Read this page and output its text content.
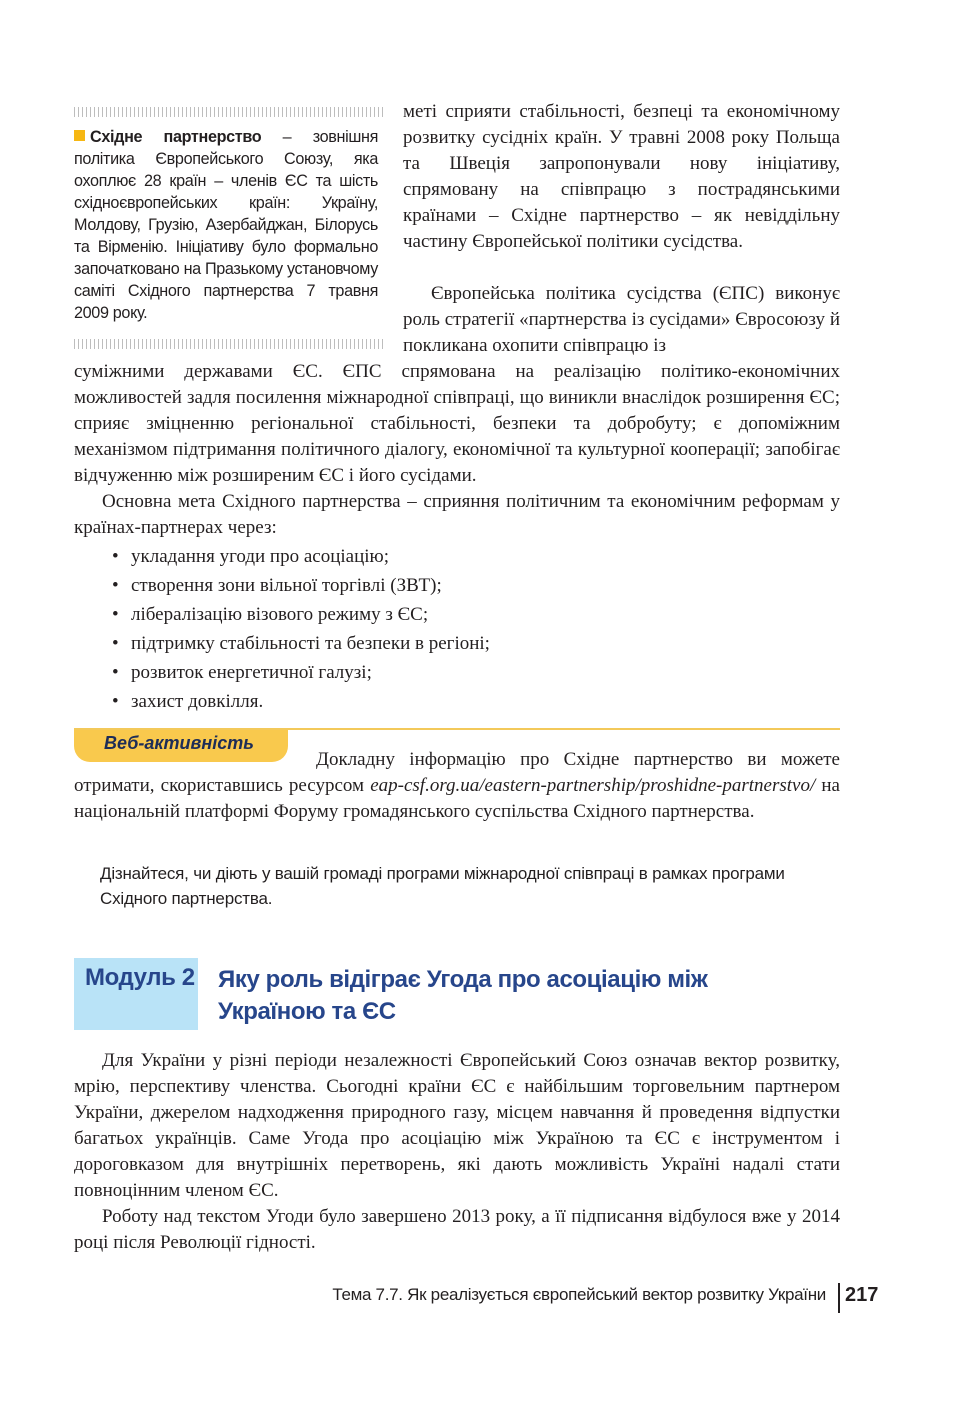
Східне партнерство – зовнішня політика Європейського Союзу, яка охоплює 28 країн – членів ЄС та шість східноєвропейських країн: Україну, Молдову, Грузію, Азербайджан, Білорусь та Вірменію. Ініціативу було формально започатковано на Празькому установчому саміті Східного партнерства 7 травня 2009 року.

меті сприяти стабільності, безпеці та економічному розвитку сусідніх країн. У травні 2008 року Польща та Швеція запропонували нову ініціативу, спрямовану на співпрацю з пострадянськими країнами – Східне партнерство – як невіддільну частину Європейської політики сусідства.

Європейська політика сусідства (ЄПС) виконує роль стратегії «партнерства із сусідами» Євросоюзу й покликана охопити співпрацю із

суміжними державами ЄС. ЄПС спрямована на реалізацію політико-економічних можливостей задля посилення міжнародної співпраці, що виникли внаслідок розширення ЄС; сприяє зміцненню регіональної стабільності, безпеки та добробуту; є допоміжним механізмом підтримання політичного діалогу, економічної та культурної кооперації; запобігає відчуженню між розширеним ЄС і його сусідами.

Основна мета Східного партнерства – сприяння політичним та економічним реформам у країнах-партнерах через:

• укладання угоди про асоціацію;
• створення зони вільної торгівлі (ЗВТ);
• лібералізацію візового режиму з ЄС;
• підтримку стабільності та безпеки в регіоні;
• розвиток енергетичної галузі;
• захист довкілля.
Веб-активність

Докладну інформацію про Східне партнерство ви можете отримати, скориставшись ресурсом eap-csf.org.ua/eastern-partnership/proshidne-partnerstvo/ на національній платформі Форуму громадянського суспільства Східного партнерства.

Дізнайтеся, чи діють у вашій громаді програми міжнародної співпраці в рамках програми Східного партнерства.
Модуль 2 Яку роль відіграє Угода про асоціацію між Україною та ЄС

Для України у різні періоди незалежності Європейський Союз означав вектор розвитку, мрію, перспективу членства. Сьогодні країни ЄС є найбільшим торговельним партнером України, джерелом надходження природного газу, місцем навчання й проведення відпустки багатьох українців. Саме Угода про асоціацію між Україною та ЄС є інструментом і дороговказом для внутрішніх перетворень, які дають можливість Україні надалі стати повноцінним членом ЄС.

Роботу над текстом Угоди було завершено 2013 року, а її підписання відбулося вже у 2014 році після Революції гідності.

Тема 7.7. Як реалізується європейський вектор розвитку України 217
